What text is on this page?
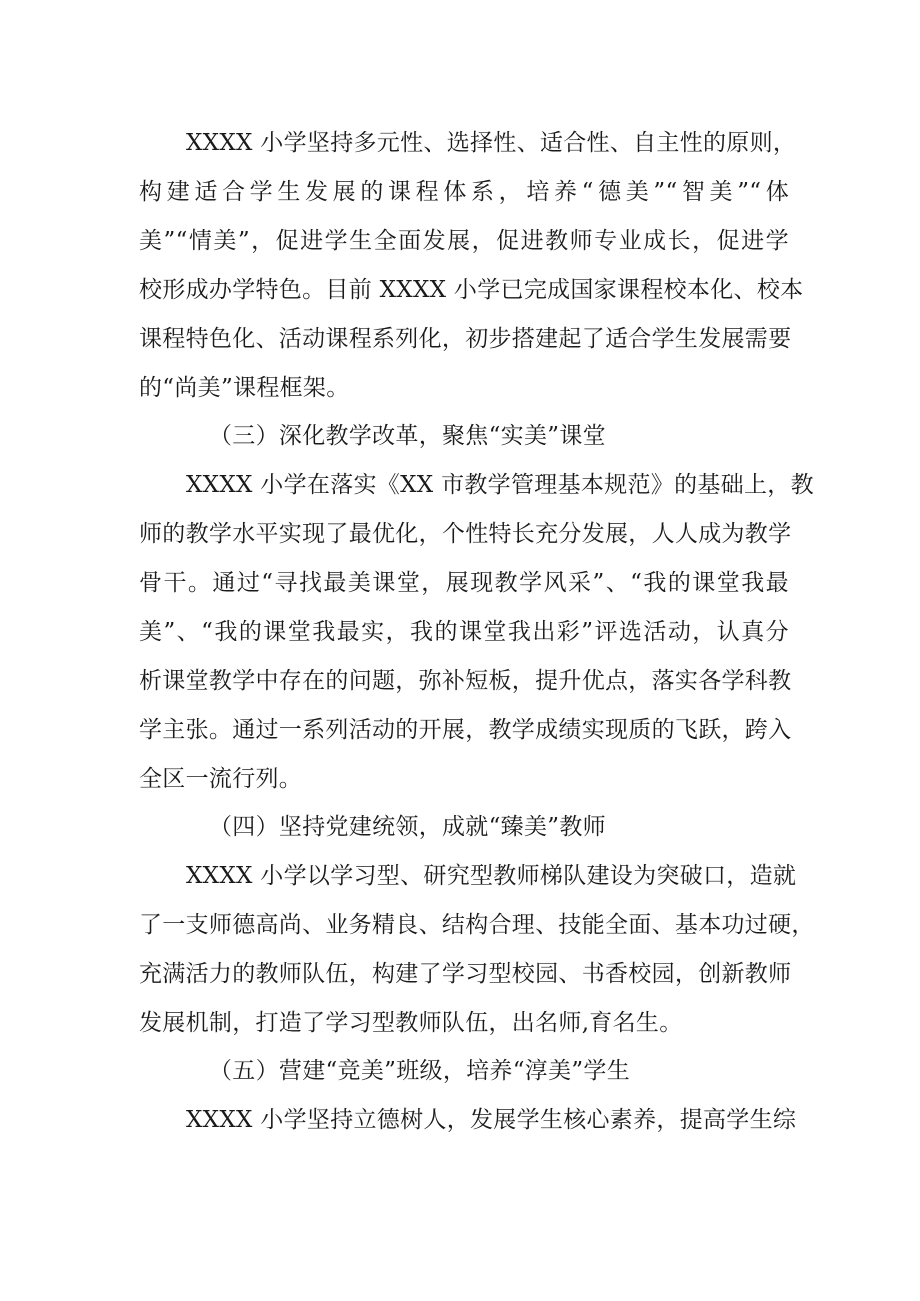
XXXX 小学坚持多元性、选择性、适合性、自主性的原则，
构建适合学生发展的课程体系，培养“德美”“智美”“体
美”“情美”，促进学生全面发展，促进教师专业成长，促进学
校形成办学特色。目前 XXXX 小学已完成国家课程校本化、校本
课程特色化、活动课程系列化，初步搭建起了适合学生发展需要
的“尚美”课程框架。
（三）深化教学改革，聚焦“实美”课堂
XXXX 小学在落实《XX 市教学管理基本规范》的基础上，教
师的教学水平实现了最优化，个性特长充分发展，人人成为教学
骨干。通过“寻找最美课堂，展现教学风采”、“我的课堂我最
美”、“我的课堂我最实，我的课堂我出彩”评选活动，认真分
析课堂教学中存在的问题，弥补短板，提升优点，落实各学科教
学主张。通过一系列活动的开展，教学成绩实现质的飞跃，跨入
全区一流行列。
（四）坚持党建统领，成就“臻美”教师
XXXX 小学以学习型、研究型教师梯队建设为突破口，造就
了一支师德高尚、业务精良、结构合理、技能全面、基本功过硬，
充满活力的教师队伍，构建了学习型校园、书香校园，创新教师
发展机制，打造了学习型教师队伍，出名师,育名生。
（五）营建“竞美”班级，培养“淳美”学生
XXXX 小学坚持立德树人，发展学生核心素养，提高学生综
